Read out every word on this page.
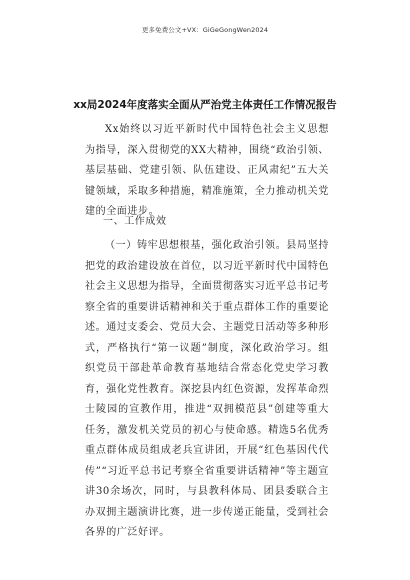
更多免费公文+VX：GiGeGongWen2024
xx局2024年度落实全面从严治党主体责任工作情况报告

Xx始终以习近平新时代中国特色社会主义思想为指导，深入贯彻党的XX大精神，围绕“政治引领、基层基础、党建引领、队伍建设、正风肃纪”五大关键领域，采取多种措施，精准施策，全力推动机关党建的全面进步。

一、工作成效

（一）铸牢思想根基，强化政治引领。县局坚持把党的政治建设放在首位，以习近平新时代中国特色社会主义思想为指导，全面贯彻落实习近平总书记考察全省的重要讲话精神和关于重点群体工作的重要论述。通过支委会、党员大会、主题党日活动等多种形式，严格执行“第一议题”制度，深化政治学习。组织党员干部赴革命教育基地结合常态化党史学习教育，强化党性教育。深挖县内红色资源，发挥革命烈士陵园的宣教作用，推进“双拥模范县”创建等重大任务，激发机关党员的初心与使命感。精选5名优秀重点群体成员组成老兵宣讲团，开展“红色基因代代传”“习近平总书记考察全省重要讲话精神”等主题宣讲30余场次，同时，与县教科体局、团县委联合主办双拥主题演讲比赛，进一步传递正能量，受到社会各界的广泛好评。
